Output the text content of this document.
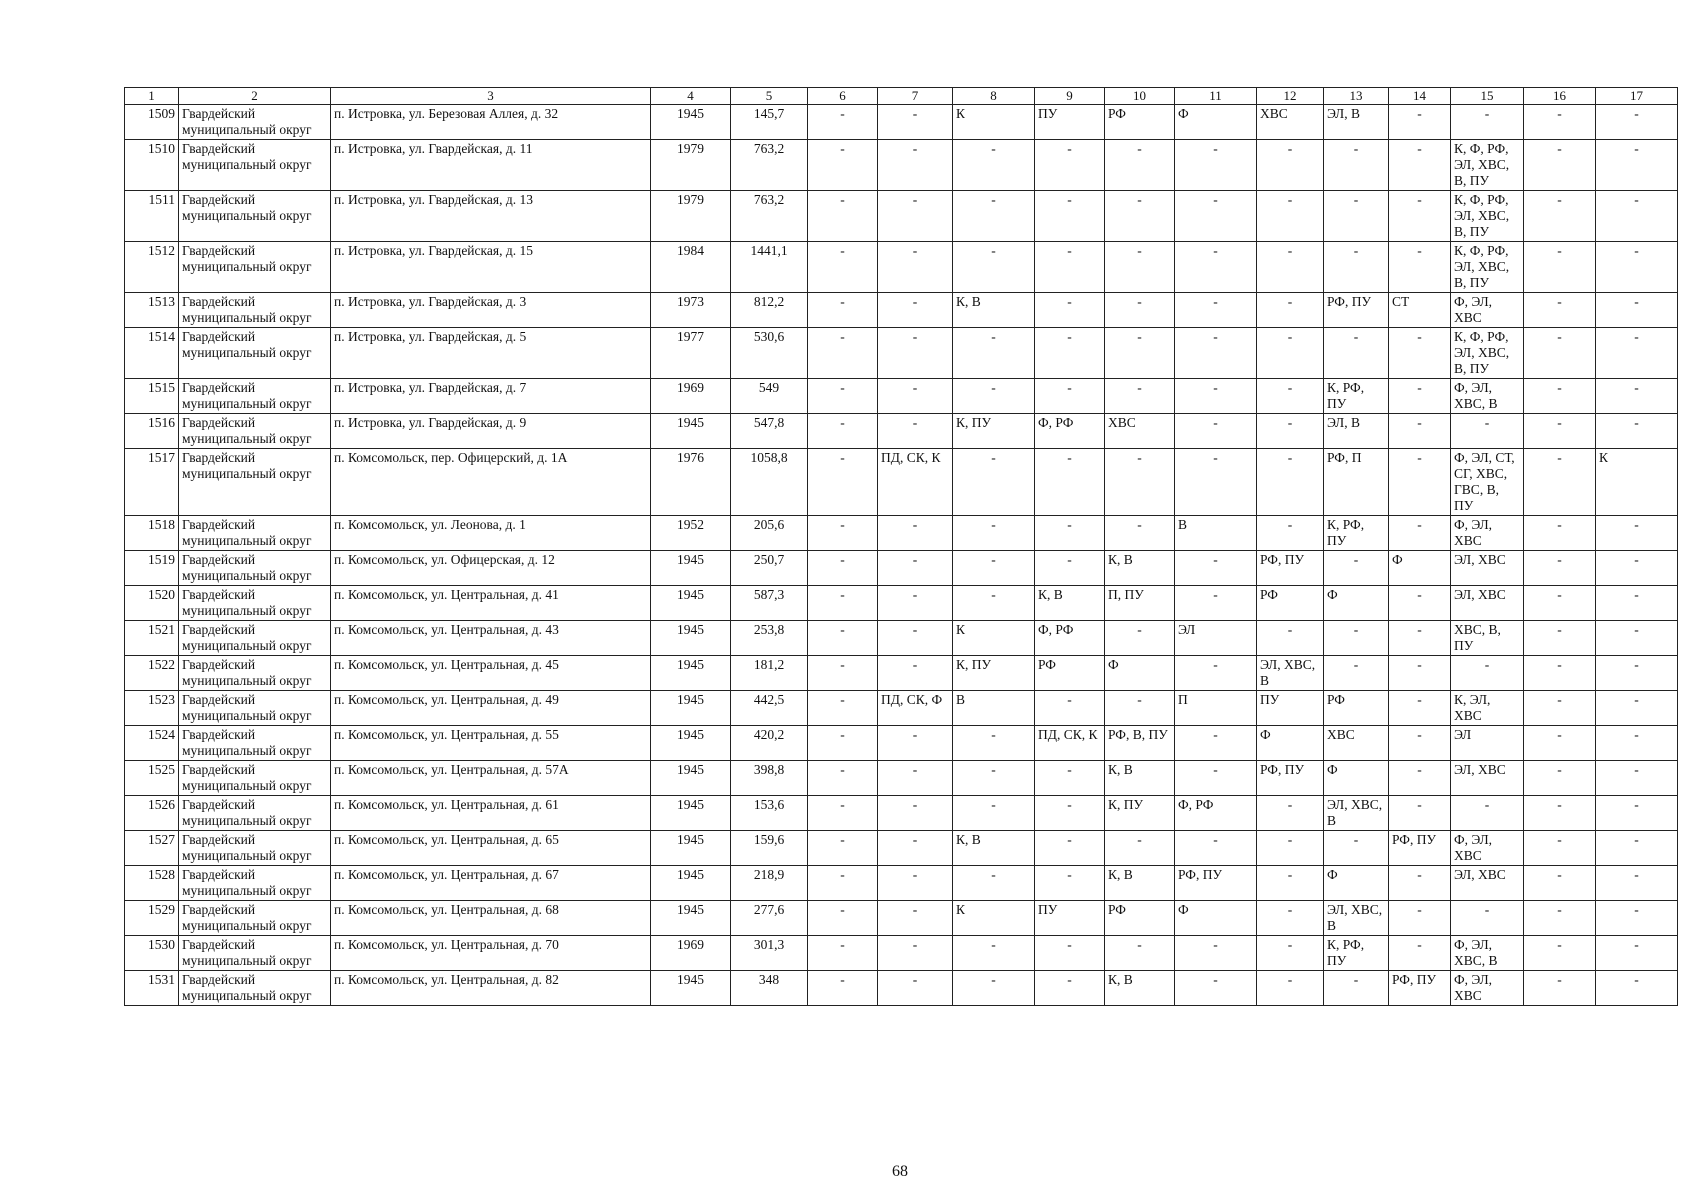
1	2	3	4	5	6	7	8	9	10	11	12	13	14	15	16	17
1509	Гвардейский муниципальный округ	п. Истровка, ул. Березовая Аллея, д. 32	1945	145,7	-	-	К	ПУ	РФ	Ф	ХВС	ЭЛ, В	-	-	-	-
1510	Гвардейский муниципальный округ	п. Истровка, ул. Гвардейская, д. 11	1979	763,2	-	-	-	-	-	-	-	-	-	К, Ф, РФ, ЭЛ, ХВС, В, ПУ	-	-
1511	Гвардейский муниципальный округ	п. Истровка, ул. Гвардейская, д. 13	1979	763,2	-	-	-	-	-	-	-	-	-	К, Ф, РФ, ЭЛ, ХВС, В, ПУ	-	-
1512	Гвардейский муниципальный округ	п. Истровка, ул. Гвардейская, д. 15	1984	1441,1	-	-	-	-	-	-	-	-	-	К, Ф, РФ, ЭЛ, ХВС, В, ПУ	-	-
1513	Гвардейский муниципальный округ	п. Истровка, ул. Гвардейская, д. 3	1973	812,2	-	-	К, В	-	-	-	-	РФ, ПУ	СТ	Ф, ЭЛ, ХВС	-	-
1514	Гвардейский муниципальный округ	п. Истровка, ул. Гвардейская, д. 5	1977	530,6	-	-	-	-	-	-	-	-	-	К, Ф, РФ, ЭЛ, ХВС, В, ПУ	-	-
1515	Гвардейский муниципальный округ	п. Истровка, ул. Гвардейская, д. 7	1969	549	-	-	-	-	-	-	-	К, РФ, ПУ	-	Ф, ЭЛ, ХВС, В	-	-
1516	Гвардейский муниципальный округ	п. Истровка, ул. Гвардейская, д. 9	1945	547,8	-	-	К, ПУ	Ф, РФ	ХВС	-	-	ЭЛ, В	-	-	-	-
1517	Гвардейский муниципальный округ	п. Комсомольск, пер. Офицерский, д. 1А	1976	1058,8	-	ПД, СК, К	-	-	-	-	-	РФ, П	-	Ф, ЭЛ, СТ, СГ, ХВС, ГВС, В, ПУ	-	К
1518	Гвардейский муниципальный округ	п. Комсомольск, ул. Леонова, д. 1	1952	205,6	-	-	-	-	-	В	-	К, РФ, ПУ	-	Ф, ЭЛ, ХВС	-	-
1519	Гвардейский муниципальный округ	п. Комсомольск, ул. Офицерская, д. 12	1945	250,7	-	-	-	-	К, В	-	РФ, ПУ	-	Ф	ЭЛ, ХВС	-	-
1520	Гвардейский муниципальный округ	п. Комсомольск, ул. Центральная, д. 41	1945	587,3	-	-	-	К, В	П, ПУ	-	РФ	Ф	-	ЭЛ, ХВС	-	-
1521	Гвардейский муниципальный округ	п. Комсомольск, ул. Центральная, д. 43	1945	253,8	-	-	К	Ф, РФ	-	ЭЛ	-	-	-	ХВС, В, ПУ	-	-
1522	Гвардейский муниципальный округ	п. Комсомольск, ул. Центральная, д. 45	1945	181,2	-	-	К, ПУ	РФ	Ф	-	ЭЛ, ХВС, В	-	-	-	-	-
1523	Гвардейский муниципальный округ	п. Комсомольск, ул. Центральная, д. 49	1945	442,5	-	ПД, СК, Ф	В	-	-	П	ПУ	РФ	-	К, ЭЛ, ХВС	-	-
1524	Гвардейский муниципальный округ	п. Комсомольск, ул. Центральная, д. 55	1945	420,2	-	-	-	ПД, СК, К	РФ, В, ПУ	-	Ф	ХВС	-	ЭЛ	-	-
1525	Гвардейский муниципальный округ	п. Комсомольск, ул. Центральная, д. 57А	1945	398,8	-	-	-	-	К, В	-	РФ, ПУ	Ф	-	ЭЛ, ХВС	-	-
1526	Гвардейский муниципальный округ	п. Комсомольск, ул. Центральная, д. 61	1945	153,6	-	-	-	-	К, ПУ	Ф, РФ	-	ЭЛ, ХВС, В	-	-	-	-
1527	Гвардейский муниципальный округ	п. Комсомольск, ул. Центральная, д. 65	1945	159,6	-	-	К, В	-	-	-	-	-	РФ, ПУ	Ф, ЭЛ, ХВС	-	-
1528	Гвардейский муниципальный округ	п. Комсомольск, ул. Центральная, д. 67	1945	218,9	-	-	-	-	К, В	РФ, ПУ	-	Ф	-	ЭЛ, ХВС	-	-
1529	Гвардейский муниципальный округ	п. Комсомольск, ул. Центральная, д. 68	1945	277,6	-	-	К	ПУ	РФ	Ф	-	ЭЛ, ХВС, В	-	-	-	-
1530	Гвардейский муниципальный округ	п. Комсомольск, ул. Центральная, д. 70	1969	301,3	-	-	-	-	-	-	-	К, РФ, ПУ	-	Ф, ЭЛ, ХВС, В	-	-
1531	Гвардейский муниципальный округ	п. Комсомольск, ул. Центральная, д. 82	1945	348	-	-	-	-	К, В	-	-	-	РФ, ПУ	Ф, ЭЛ, ХВС	-	-
68
